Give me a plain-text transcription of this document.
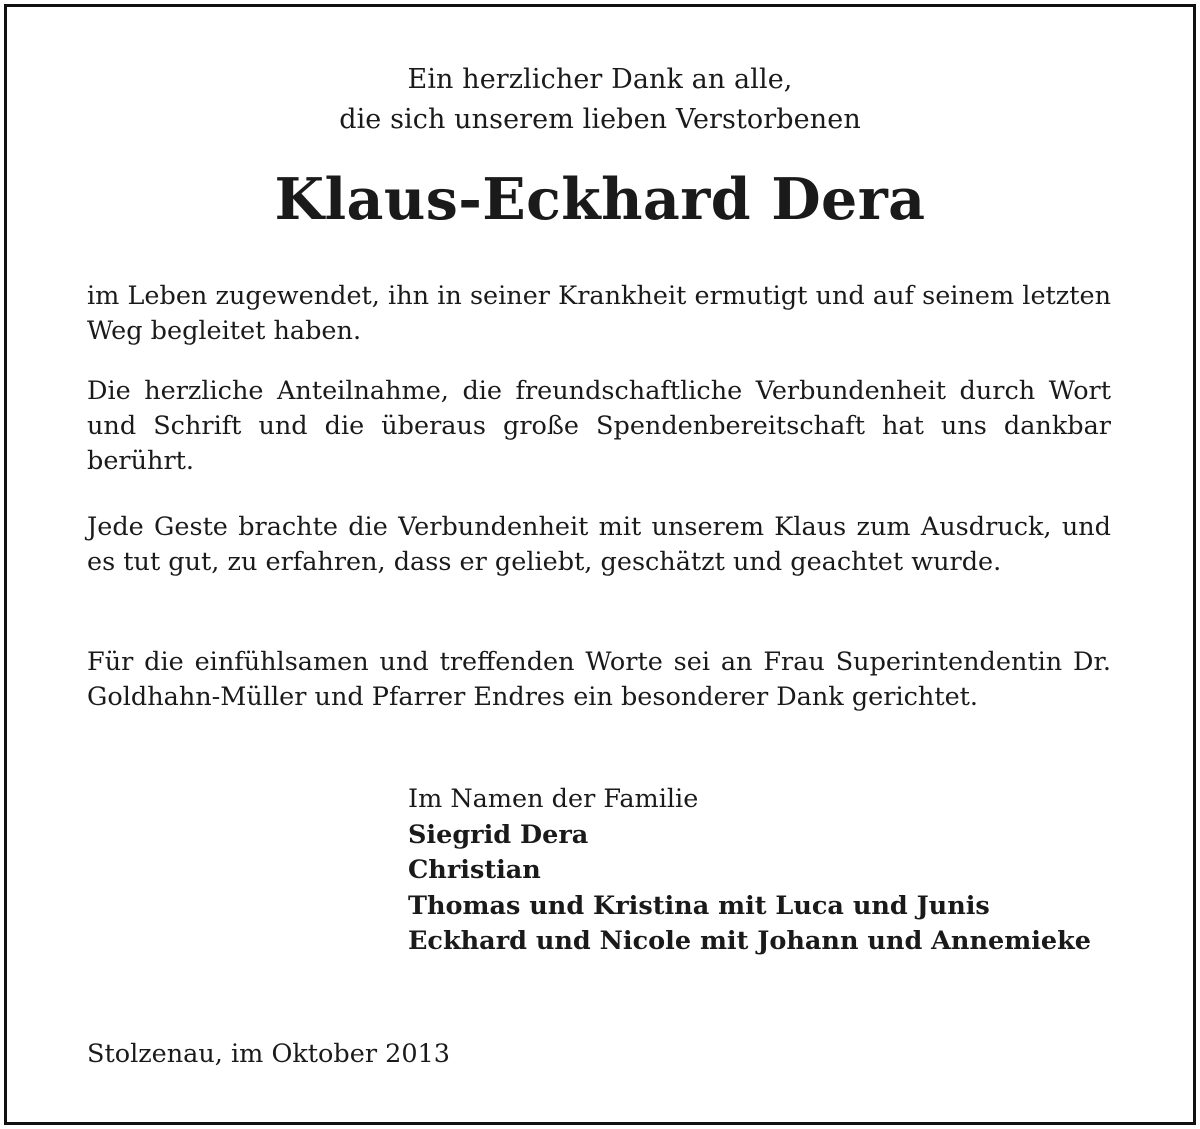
Ein herzlicher Dank an alle,
die sich unserem lieben Verstorbenen
Klaus-Eckhard Dera

im Leben zugewendet, ihn in seiner Krankheit ermutigt und auf seinem letzten Weg begleitet haben.

Die herzliche Anteilnahme, die freundschaftliche Verbundenheit durch Wort und Schrift und die überaus große Spendenbereitschaft hat uns dankbar berührt.

Jede Geste brachte die Verbundenheit mit unserem Klaus zum Ausdruck, und es tut gut, zu erfahren, dass er geliebt, geschätzt und geachtet wurde.

Für die einfühlsamen und treffenden Worte sei an Frau Superintendentin Dr. Goldhahn-Müller und Pfarrer Endres ein besonderer Dank gerichtet.

Im Namen der Familie
Siegrid Dera
Christian
Thomas und Kristina mit Luca und Junis
Eckhard und Nicole mit Johann und Annemieke
Stolzenau, im Oktober 2013
